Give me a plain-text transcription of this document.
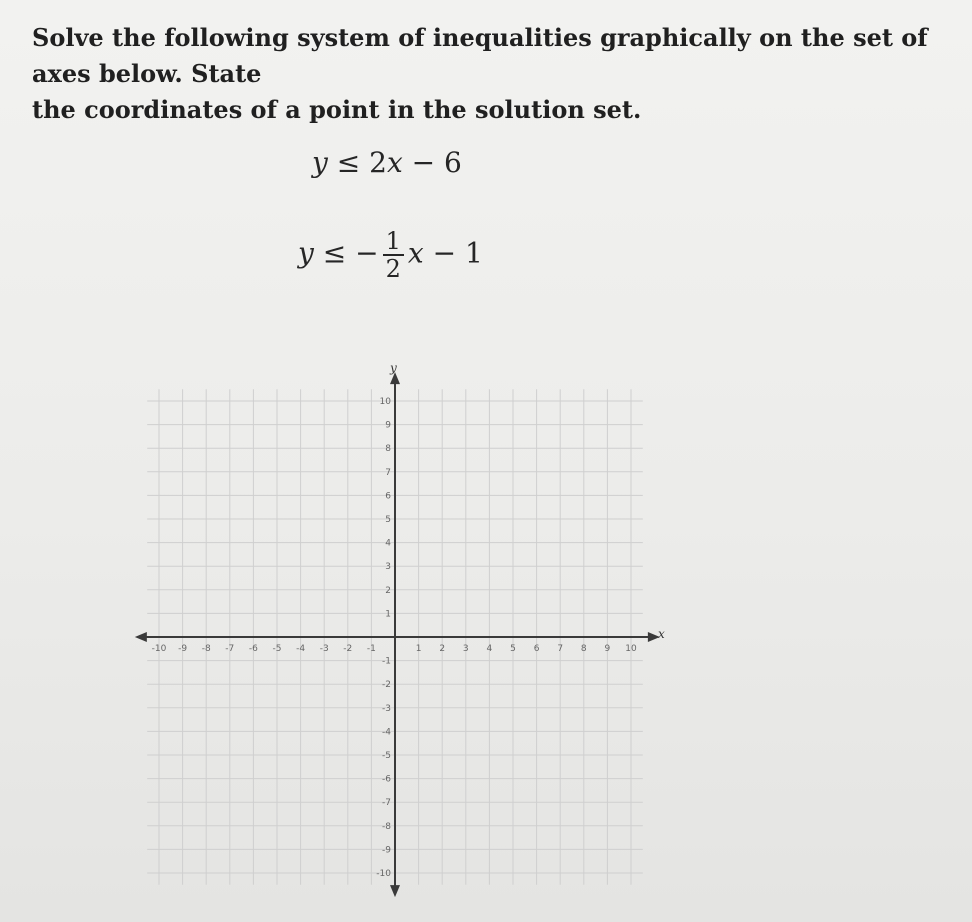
Solve the following system of inequalities graphically on the set of axes below. State
the coordinates of a point in the solution set.
y ≤ 2x − 6
y ≤ − $\frac{1}{2}$ x − 1
-10 -9 -8 -7 -6 -5 -4 -3 -2 -1	1 2 3 4 5 6 7 8 9 10
10
9
8
7
6
5
4
3
2
1
-1
-2
-3
-4
-5
-6
-7
-8
-9
-10
x
y
